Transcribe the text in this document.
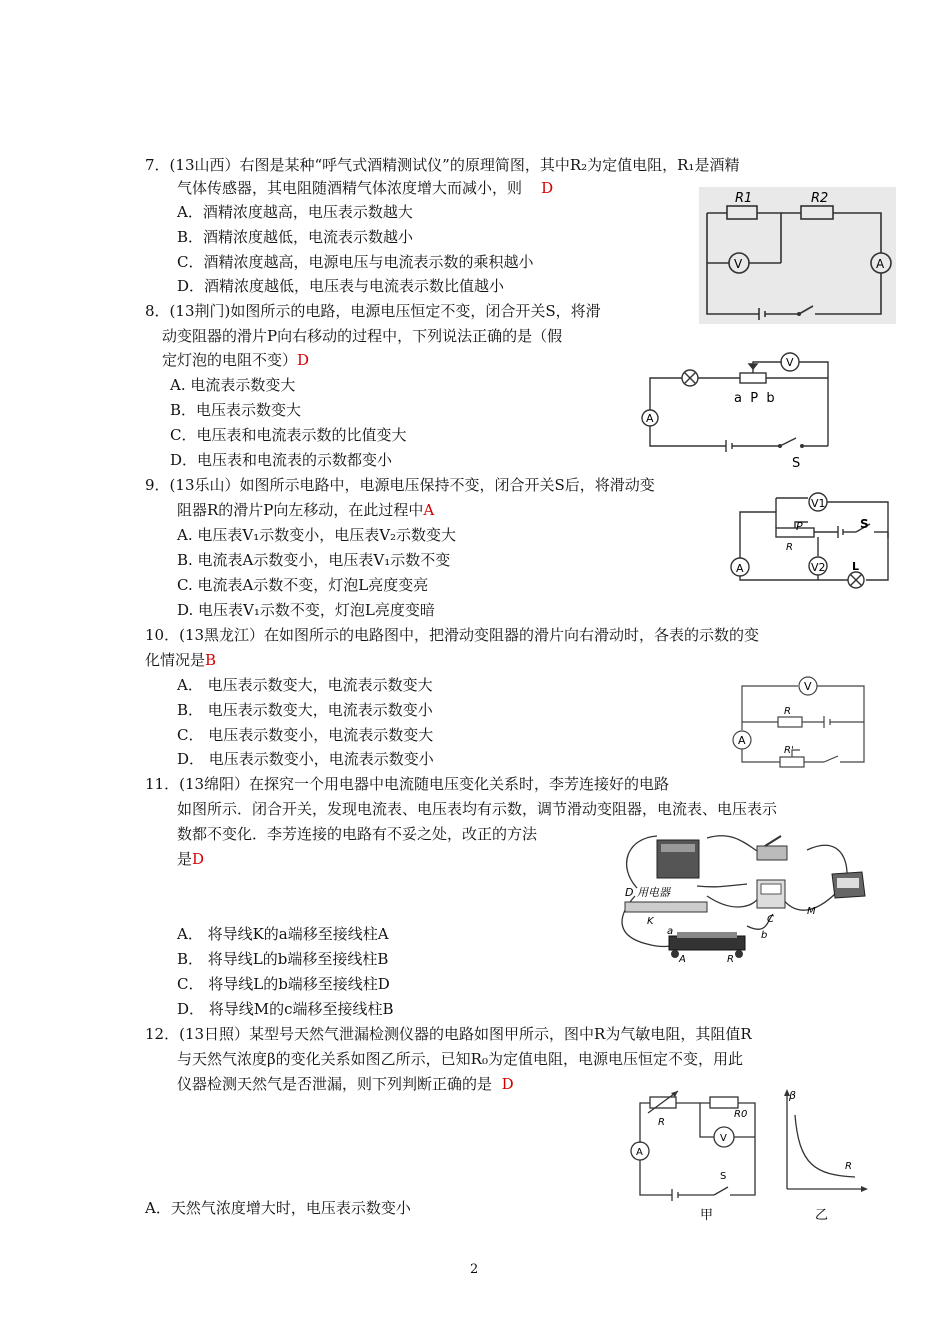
7．(13山西）右图是某种“呼气式酒精测试仪”的原理简图，其中R₂为定值电阻，R₁是酒精
气体传感器，其电阻随酒精气体浓度增大而减小，则 D
A．酒精浓度越高，电压表示数越大
B．酒精浓度越低，电流表示数越小
C．酒精浓度越高，电源电压与电流表示数的乘积越小
D．酒精浓度越低，电压表与电流表示数比值越小
R1	R2
V	A
8．(13荆门)如图所示的电路，电源电压恒定不变，闭合开关S，将滑
动变阻器的滑片P向右移动的过程中，下列说法正确的是（假
定灯泡的电阻不变）D
A. 电流表示数变大
B．电压表示数变大
C．电压表和电流表示数的比值变大
D．电压表和电流表的示数都变小
A
V
a  P  b
S
9．(13乐山）如图所示电路中，电源电压保持不变，闭合开关S后，将滑动变
阻器R的滑片P向左移动，在此过程中A
A. 电压表V₁示数变小，电压表V₂示数变大
B. 电流表A示数变小，电压表V₁示数不变
C. 电流表A示数不变，灯泡L亮度变亮
D. 电压表V₁示数不变，灯泡L亮度变暗
V1
V2
A
P
R
S
L
10．(13黑龙江）在如图所示的电路图中，把滑动变阻器的滑片向右滑动时，各表的示数的变
化情况是B
A． 电压表示数变大，电流表示数变大
B． 电压表示数变大，电流表示数变小
C． 电压表示数变小，电流表示数变大
D． 电压表示数变小，电流表示数变小
V
A
R
R'
11．(13绵阳）在探究一个用电器中电流随电压变化关系时，李芳连接好的电路
如图所示．闭合开关，发现电流表、电压表均有示数，调节滑动变阻器，电流表、电压表示
数都不变化．李芳连接的电路有不妥之处，改正的方法
是D
A． 将导线K的a端移至接线柱A
B． 将导线L的b端移至接线柱B
C． 将导线L的b端移至接线柱D
D． 将导线M的c端移至接线柱B
D 用电器
K
M
C
a	b
A	R
12．(13日照）某型号天然气泄漏检测仪器的电路如图甲所示，图中R为气敏电阻，其阻值R
与天然气浓度β的变化关系如图乙所示，已知R₀为定值电阻，电源电压恒定不变，用此
仪器检测天然气是否泄漏，则下列判断正确的是 D
A．天然气浓度增大时，电压表示数变小
R
R0
A
V
S
甲
β
R
乙
2
